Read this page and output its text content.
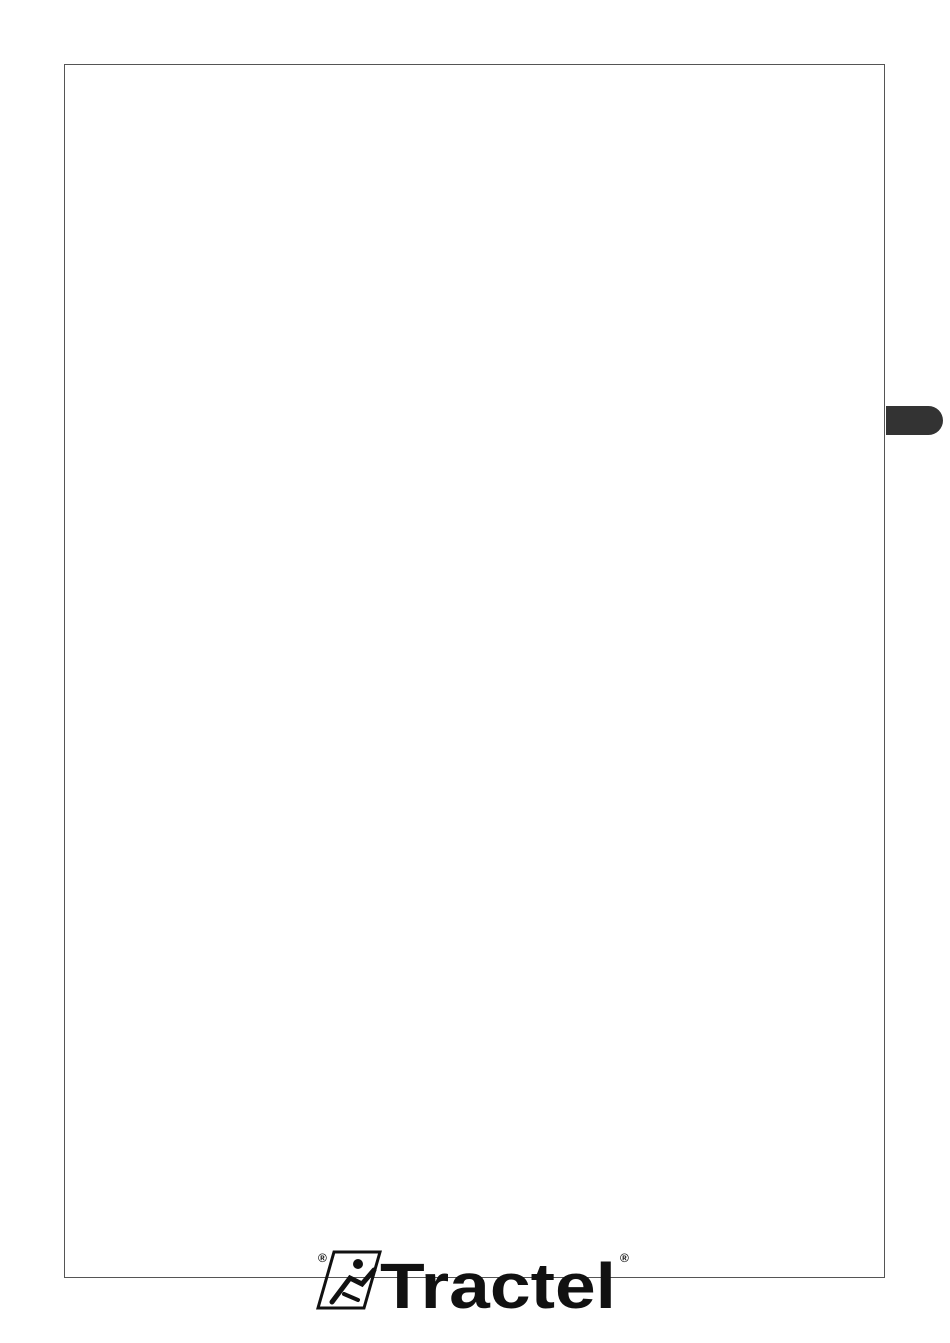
® Tractel ®
